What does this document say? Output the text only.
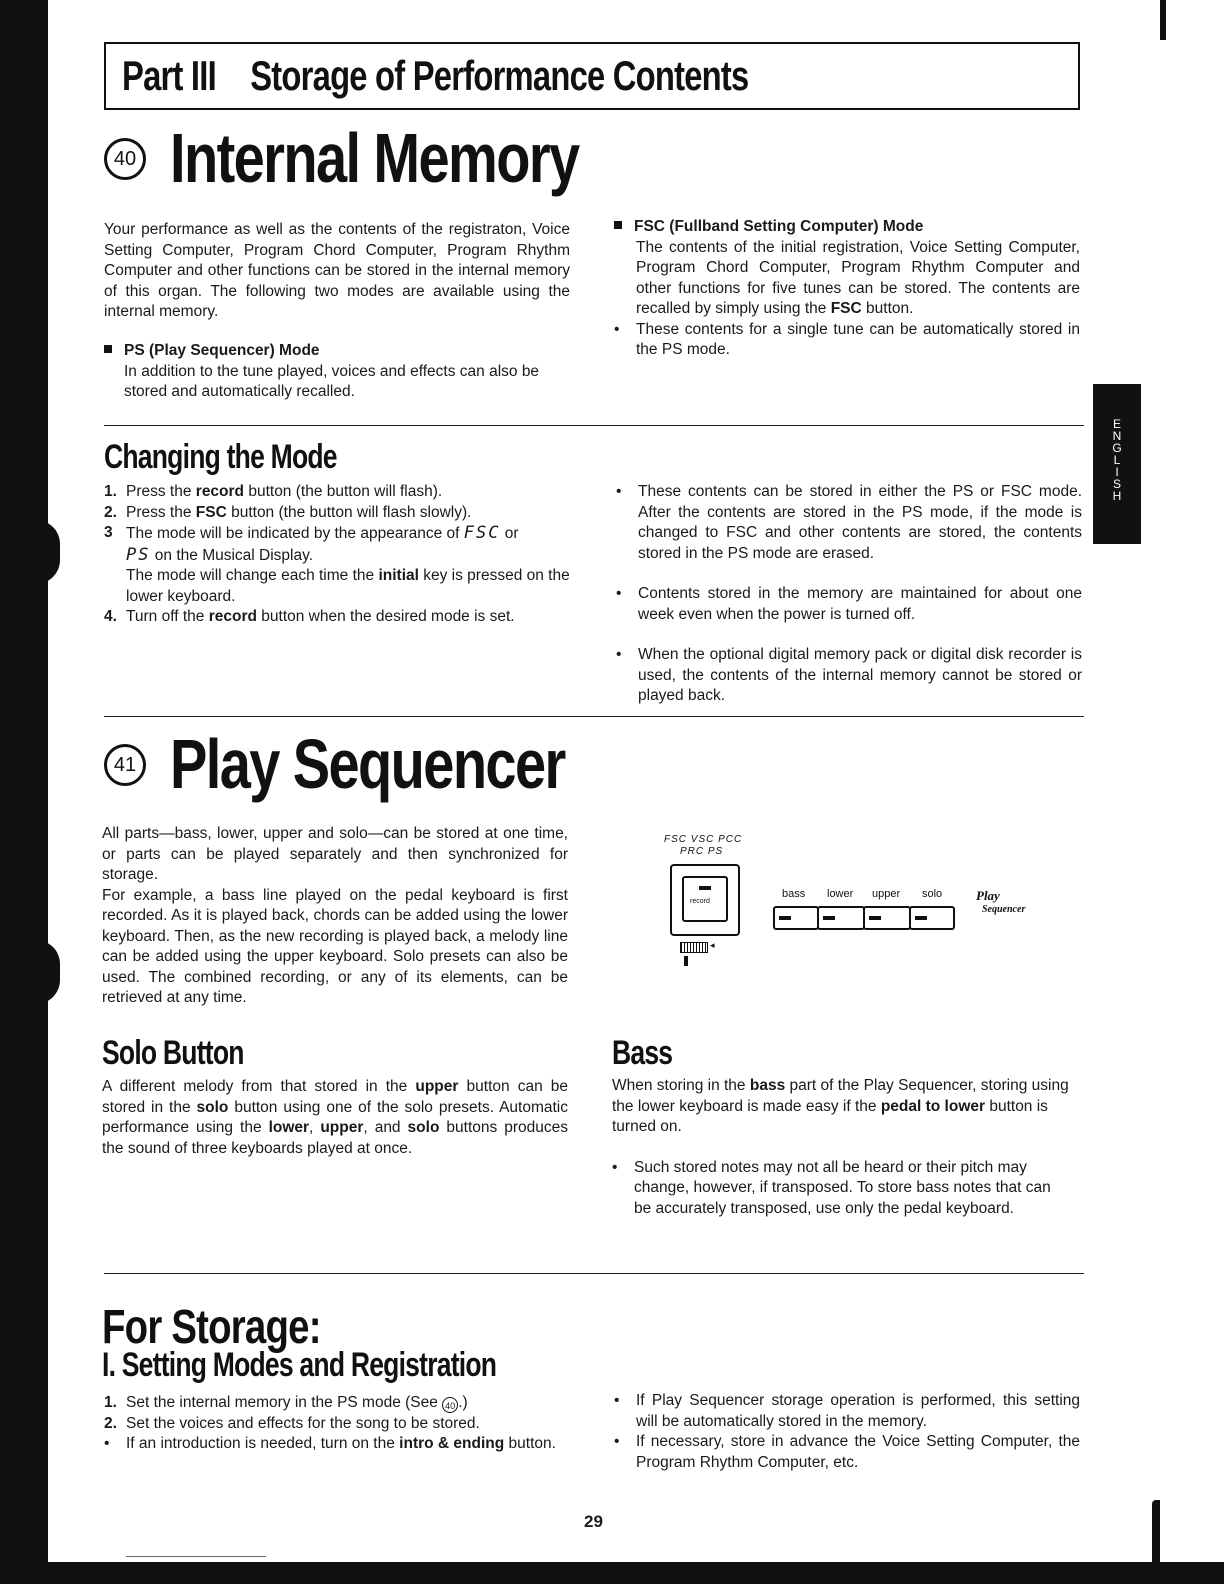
E
N
G
L
I
S
H
Part III Storage of Performance Contents
40 Internal Memory
Your performance as well as the contents of the registraton, Voice Setting Computer, Program Chord Computer, Program Rhythm Computer and other functions can be stored in the internal memory of this organ. The following two modes are available using the internal memory.
PS (Play Sequencer) Mode
In addition to the tune played, voices and effects can also be stored and automatically recalled.
FSC (Fullband Setting Computer) Mode
The contents of the initial registration, Voice Setting Computer, Program Chord Computer, Program Rhythm Computer and other functions for five tunes can be stored. The contents are recalled by simply using the FSC button.
• These contents for a single tune can be automatically stored in the PS mode.
Changing the Mode
1. Press the record button (the button will flash).
2. Press the FSC button (the button will flash slowly).
3 The mode will be indicated by the appearance of FSC or
PS on the Musical Display.
The mode will change each time the initial key is pressed on the lower keyboard.
4. Turn off the record button when the desired mode is set.
• These contents can be stored in either the PS or FSC mode. After the contents are stored in the PS mode, if the mode is changed to FSC and other contents are stored, the contents stored in the PS mode are erased.
• Contents stored in the memory are maintained for about one week even when the power is turned off.
• When the optional digital memory pack or digital disk recorder is used, the contents of the internal memory cannot be stored or played back.
41 Play Sequencer
All parts—bass, lower, upper and solo—can be stored at one time, or parts can be played separately and then synchronized for storage.
For example, a bass line played on the pedal keyboard is first recorded. As it is played back, chords can be added using the lower keyboard. Then, as the new recording is played back, a melody line can be added using the upper keyboard. Solo presets can also be used. The combined recording, or any of its elements, can be retrieved at any time.
FSC VSC PCC
PRC PS
record
◂
bass lower upper solo	Play
Sequencer
Solo Button
A different melody from that stored in the upper button can be stored in the solo button using one of the solo presets. Automatic performance using the lower, upper, and solo buttons produces the sound of three keyboards played at once.
Bass
When storing in the bass part of the Play Sequencer, storing using the lower keyboard is made easy if the pedal to lower button is turned on.
• Such stored notes may not all be heard or their pitch may change, however, if transposed. To store bass notes that can be accurately transposed, use only the pedal keyboard.
For Storage:
I. Setting Modes and Registration
1. Set the internal memory in the PS mode (See 40 .)
2. Set the voices and effects for the song to be stored.
• If an introduction is needed, turn on the intro & ending button.
• If Play Sequencer storage operation is performed, this setting will be automatically stored in the memory.
• If necessary, store in advance the Voice Setting Computer, the Program Rhythm Computer, etc.
29
